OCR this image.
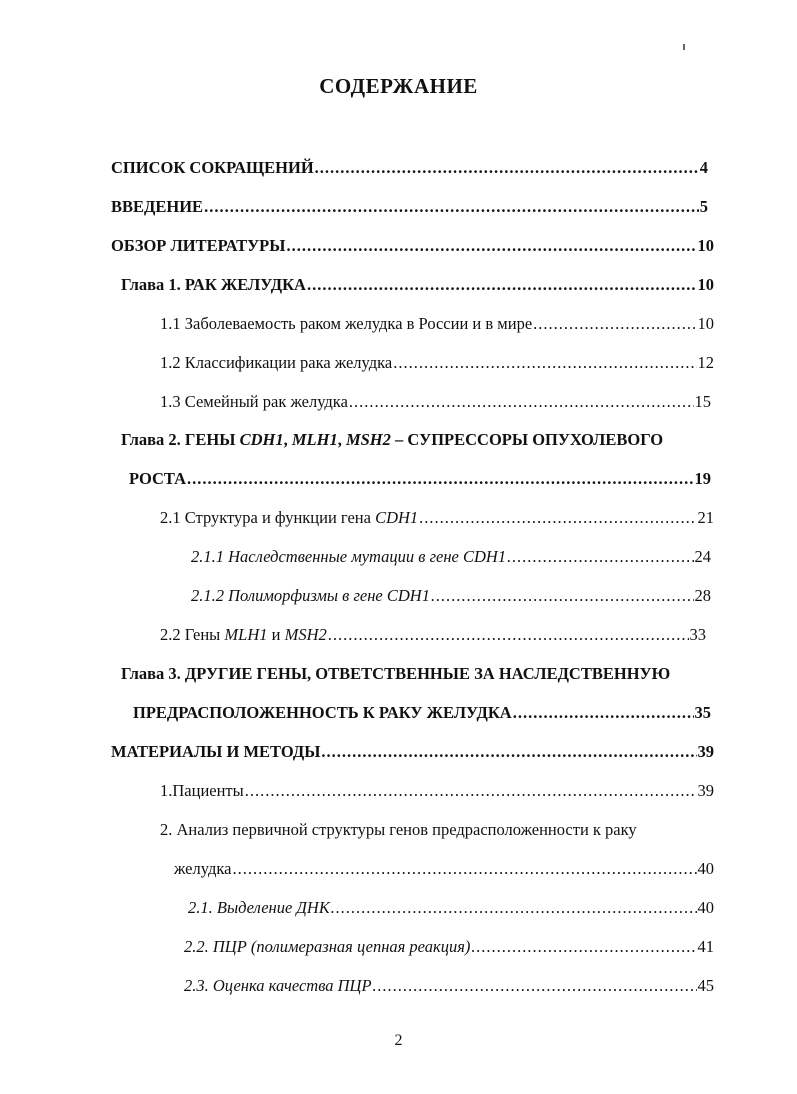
СОДЕРЖАНИЕ
СПИСОК СОКРАЩЕНИЙ .....	4
ВВЕДЕНИЕ .....	5
ОБЗОР ЛИТЕРАТУРЫ .....	10
Глава 1. РАК ЖЕЛУДКА .....	10
1.1 Заболеваемость раком желудка в России и в мире .....	10
1.2 Классификации рака желудка .....	12
1.3 Семейный рак желудка .....	15
Глава 2. ГЕНЫ CDH1, MLH1, MSH2 – СУПРЕССОРЫ ОПУХОЛЕВОГО
РОСТА .....	19
2.1 Структура и функции гена CDH1 .....	21
2.1.1 Наследственные мутации в гене CDH1 .....	24
2.1.2 Полиморфизмы в гене CDH1 .....	28
2.2 Гены MLH1 и MSH2 .....	33
Глава 3. ДРУГИЕ ГЕНЫ, ОТВЕТСТВЕННЫЕ ЗА НАСЛЕДСТВЕННУЮ
ПРЕДРАСПОЛОЖЕННОСТЬ К РАКУ ЖЕЛУДКА .....	35
МАТЕРИАЛЫ И МЕТОДЫ .....	39
1.Пациенты .....	39
2. Анализ первичной структуры генов предрасположенности к раку
желудка .....	40
2.1. Выделение ДНК .....	40
2.2. ПЦР (полимеразная цепная реакция) .....	41
2.3. Оценка качества ПЦР .....	45
2
